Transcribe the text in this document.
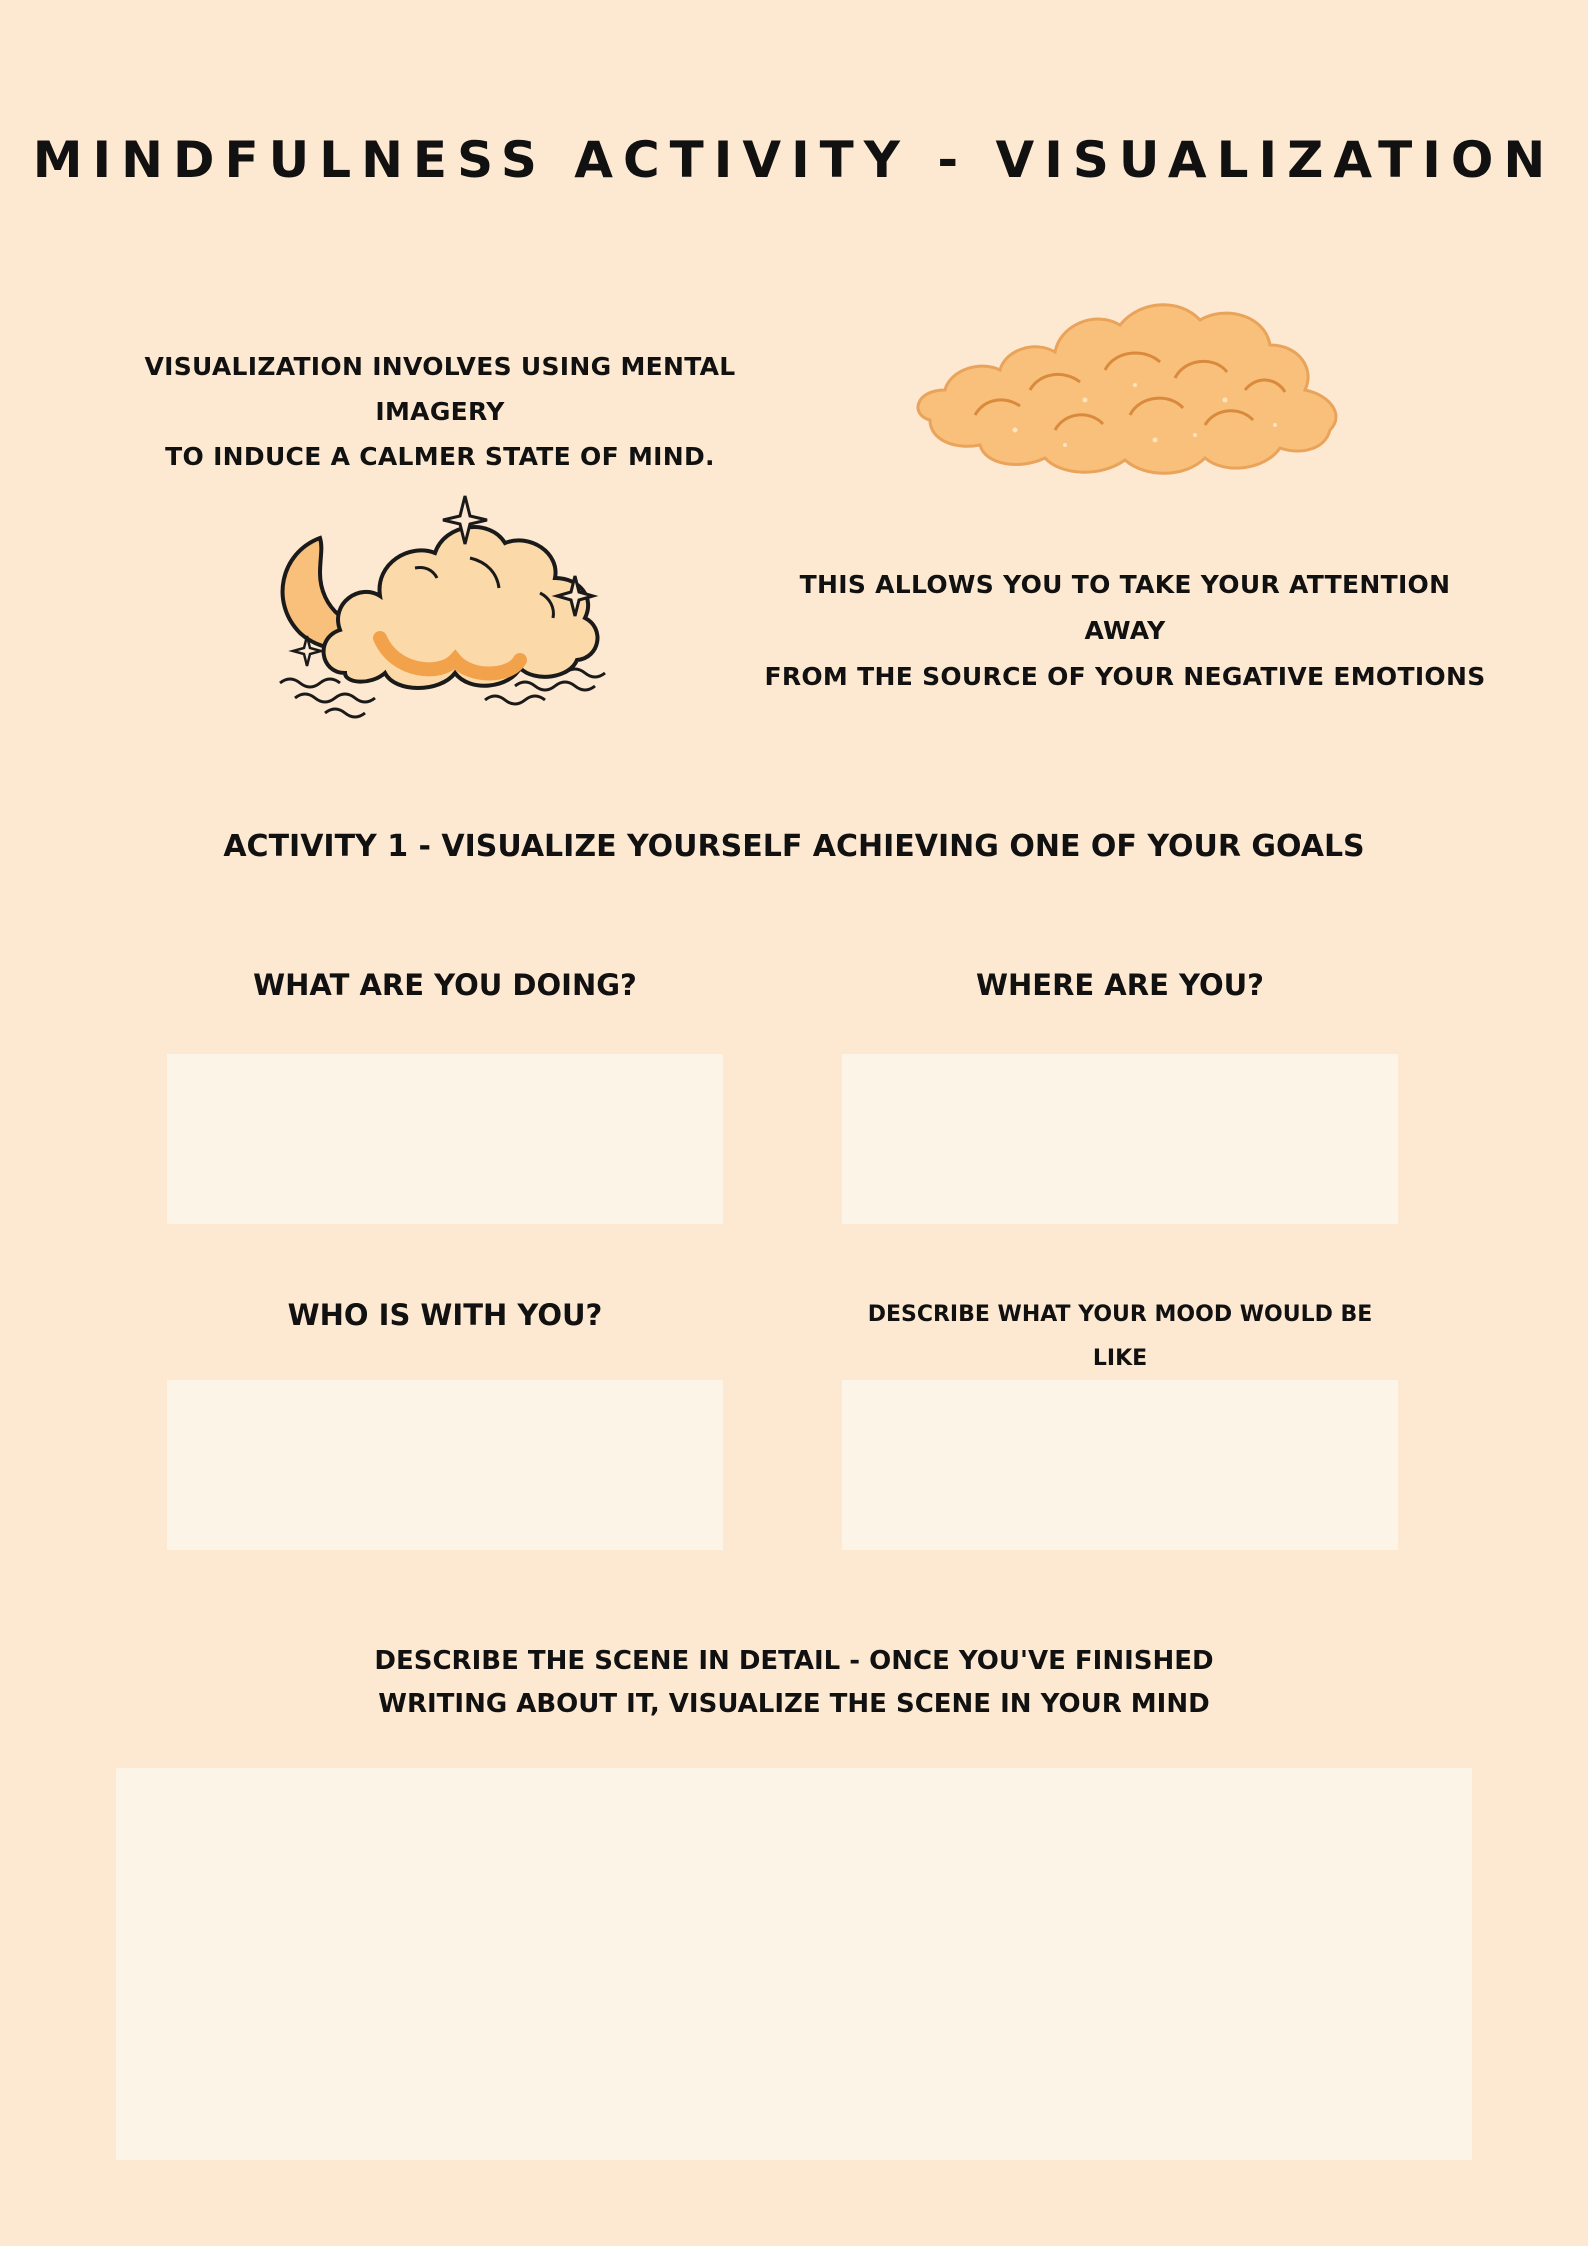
MINDFULNESS ACTIVITY - VISUALIZATION
VISUALIZATION INVOLVES USING MENTAL IMAGERY
TO INDUCE A CALMER STATE OF MIND.
THIS ALLOWS YOU TO TAKE YOUR ATTENTION AWAY
FROM THE SOURCE OF YOUR NEGATIVE EMOTIONS
ACTIVITY 1 - VISUALIZE YOURSELF ACHIEVING ONE OF YOUR GOALS
WHAT ARE YOU DOING?	WHERE ARE YOU?
WHO IS WITH YOU?	DESCRIBE WHAT YOUR MOOD WOULD BE LIKE
DESCRIBE THE SCENE IN DETAIL - ONCE YOU'VE FINISHED
WRITING ABOUT IT, VISUALIZE THE SCENE IN YOUR MIND
